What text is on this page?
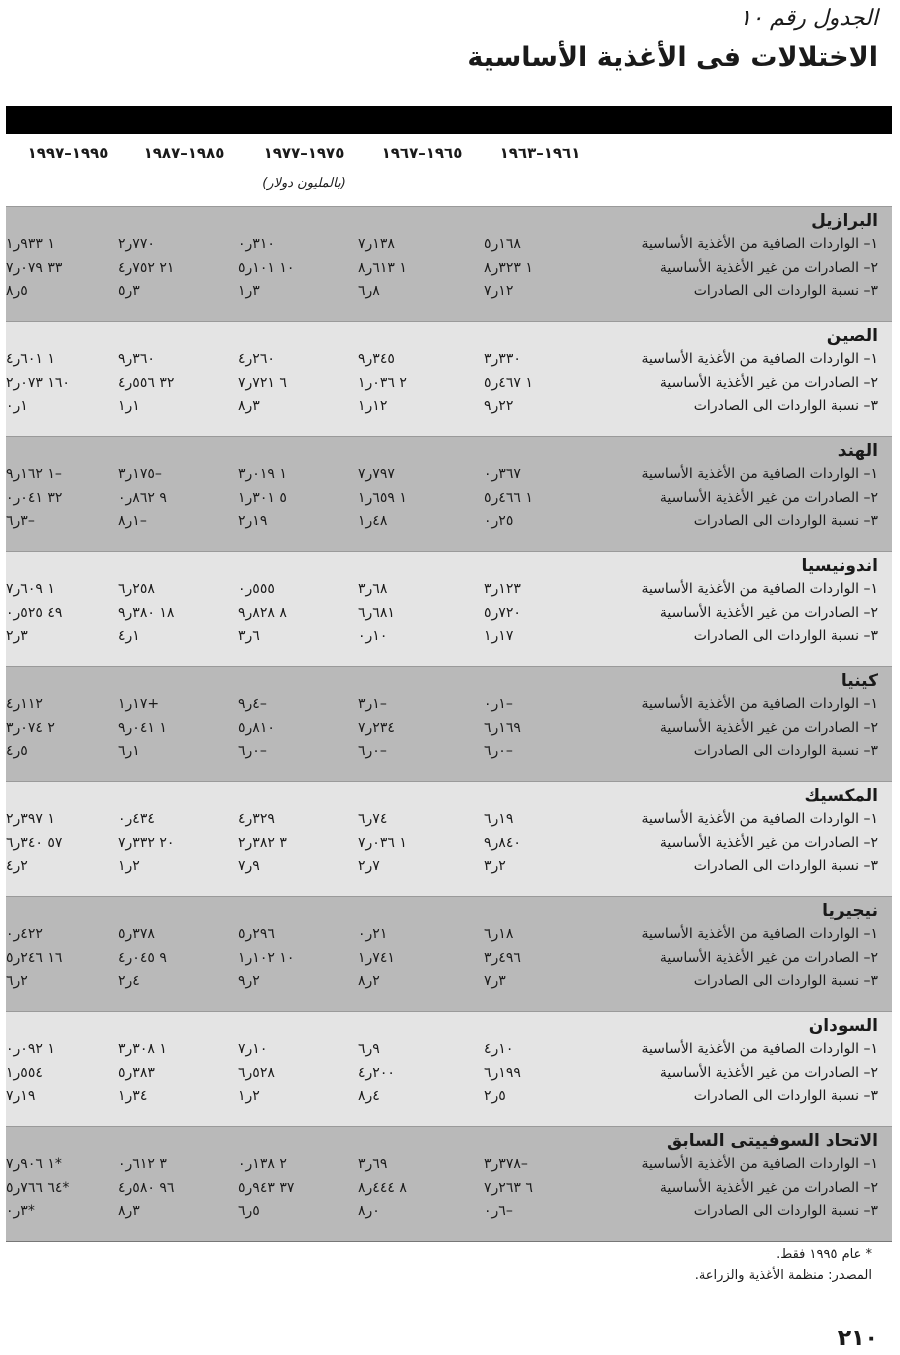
الجدول رقم ١٠
الاختلالات فى الأغذية الأساسية
١٩٦١–١٩٦٣
١٩٦٥–١٩٦٧
١٩٧٥–١٩٧٧
١٩٨٥–١٩٨٧
١٩٩٥–١٩٩٧
(بالمليون دولار)
البرازيل
١– الواردات الصافية من الأغذية الأساسية
١٦٨ر٥
١٣٨ر٧
٣١٠ر٠
٧٧٠ر٢
١ ٩٣٣ر١
٢– الصادرات من غير الأغذية الأساسية
١ ٣٢٣ر٨
١ ٦١٣ر٨
١٠ ١٠١ر٥
٢١ ٧٥٢ر٤
٣٣ ٠٧٩ر٧
٣– نسبة الواردات الى الصادرات
١٢ر٧
٨ر٦
٣ر١
٣ر٥
٥ر٨
الصين
١– الواردات الصافية من الأغذية الأساسية
٣٣٠ر٣
٣٤٥ر٩
٢٦٠ر٤
٣٦٠ر٩
١ ٦٠١ر٤
٢– الصادرات من غير الأغذية الأساسية
١ ٤٦٧ر٥
٢ ٠٣٦ر١
٦ ٧٢١ر٧
٣٢ ٥٥٦ر٤
١٦٠ ٠٧٣ر٢
٣– نسبة الواردات الى الصادرات
٢٢ر٩
١٢ر١
٣ر٨
١ر١
١ر٠
الهند
١– الواردات الصافية من الأغذية الأساسية
٣٦٧ر٠
٧٩٧ر٧
١ ٠١٩ر٣
–١٧٥ر٣
–١ ١٦٢ر٩
٢– الصادرات من غير الأغذية الأساسية
١ ٤٦٦ر٥
١ ٦٥٩ر١
٥ ٣٠١ر١
٩ ٨٦٢ر٠
٣٢ ٠٤١ر٠
٣– نسبة الواردات الى الصادرات
٢٥ر٠
٤٨ر١
١٩ر٢
–١ر٨
–٣ر٦
اندونيسيا
١– الواردات الصافية من الأغذية الأساسية
١٢٣ر٣
٦٨ر٣
٥٥٥ر٠
٢٥٨ر٦
١ ٦٠٩ر٧
٢– الصادرات من غير الأغذية الأساسية
٧٢٠ر٥
٦٨١ر٦
٨ ٨٢٨ر٩
١٨ ٣٨٠ر٩
٤٩ ٥٢٥ر٠
٣– نسبة الواردات الى الصادرات
١٧ر١
١٠ر٠
٦ر٣
١ر٤
٣ر٢
كينيا
١– الواردات الصافية من الأغذية الأساسية
–١ر٠
–١ر٣
–٤ر٩
+١٧ر١
١١٢ر٤
٢– الصادرات من غير الأغذية الأساسية
١٦٩ر٦
٢٣٤ر٧
٨١٠ر٥
١ ٠٤١ر٩
٢ ٠٧٤ر٣
٣– نسبة الواردات الى الصادرات
–٠ر٦
–٠ر٦
–٠ر٦
١ر٦
٥ر٤
المكسيك
١– الواردات الصافية من الأغذية الأساسية
١٩ر٦
٧٤ر٦
٣٢٩ر٤
٤٣٤ر٠
١ ٣٩٧ر٢
٢– الصادرات من غير الأغذية الأساسية
٨٤٠ر٩
١ ٠٣٦ر٧
٣ ٣٨٢ر٢
٢٠ ٣٣٢ر٧
٥٧ ٣٤٠ر٦
٣– نسبة الواردات الى الصادرات
٢ر٣
٧ر٢
٩ر٧
٢ر١
٢ر٤
نيجيريا
١– الواردات الصافية من الأغذية الأساسية
١٨ر٦
٢١ر٠
٢٩٦ر٥
٣٧٨ر٥
٤٢٢ر٠
٢– الصادرات من غير الأغذية الأساسية
٤٩٦ر٣
٧٤١ر١
١٠ ١٠٢ر١
٩ ٠٤٥ر٤
١٦ ٢٤٦ر٥
٣– نسبة الواردات الى الصادرات
٣ر٧
٢ر٨
٢ر٩
٤ر٢
٢ر٦
السودان
١– الواردات الصافية من الأغذية الأساسية
١٠ر٤
٩ر٦
١٠ر٧
١ ٣٠٨ر٣
١ ٠٩٢ر٠
٢– الصادرات من غير الأغذية الأساسية
١٩٩ر٦
٢٠٠ر٤
٥٢٨ر٦
٣٨٣ر٥
٥٥٤ر١
٣– نسبة الواردات الى الصادرات
٥ر٢
٤ر٨
٢ر١
٣٤ر١
١٩ر٧
الاتحاد السوفييتى السابق
١– الواردات الصافية من الأغذية الأساسية
–٣٧٨ر٣
٦٩ر٣
٢ ١٣٨ر٠
٣ ٦١٢ر٠
*١ ٩٠٦ر٧
٢– الصادرات من غير الأغذية الأساسية
٦ ٢٦٣ر٧
٨ ٤٤٤ر٨
٣٧ ٩٤٣ر٥
٩٦ ٥٨٠ر٤
*٦٤ ٧٦٦ر٥
٣– نسبة الواردات الى الصادرات
–٦ر٠
٠ر٨
٥ر٦
٣ر٨
*٣ر٠
* عام ١٩٩٥ فقط.
المصدر: منظمة الأغذية والزراعة.
٢١٠
